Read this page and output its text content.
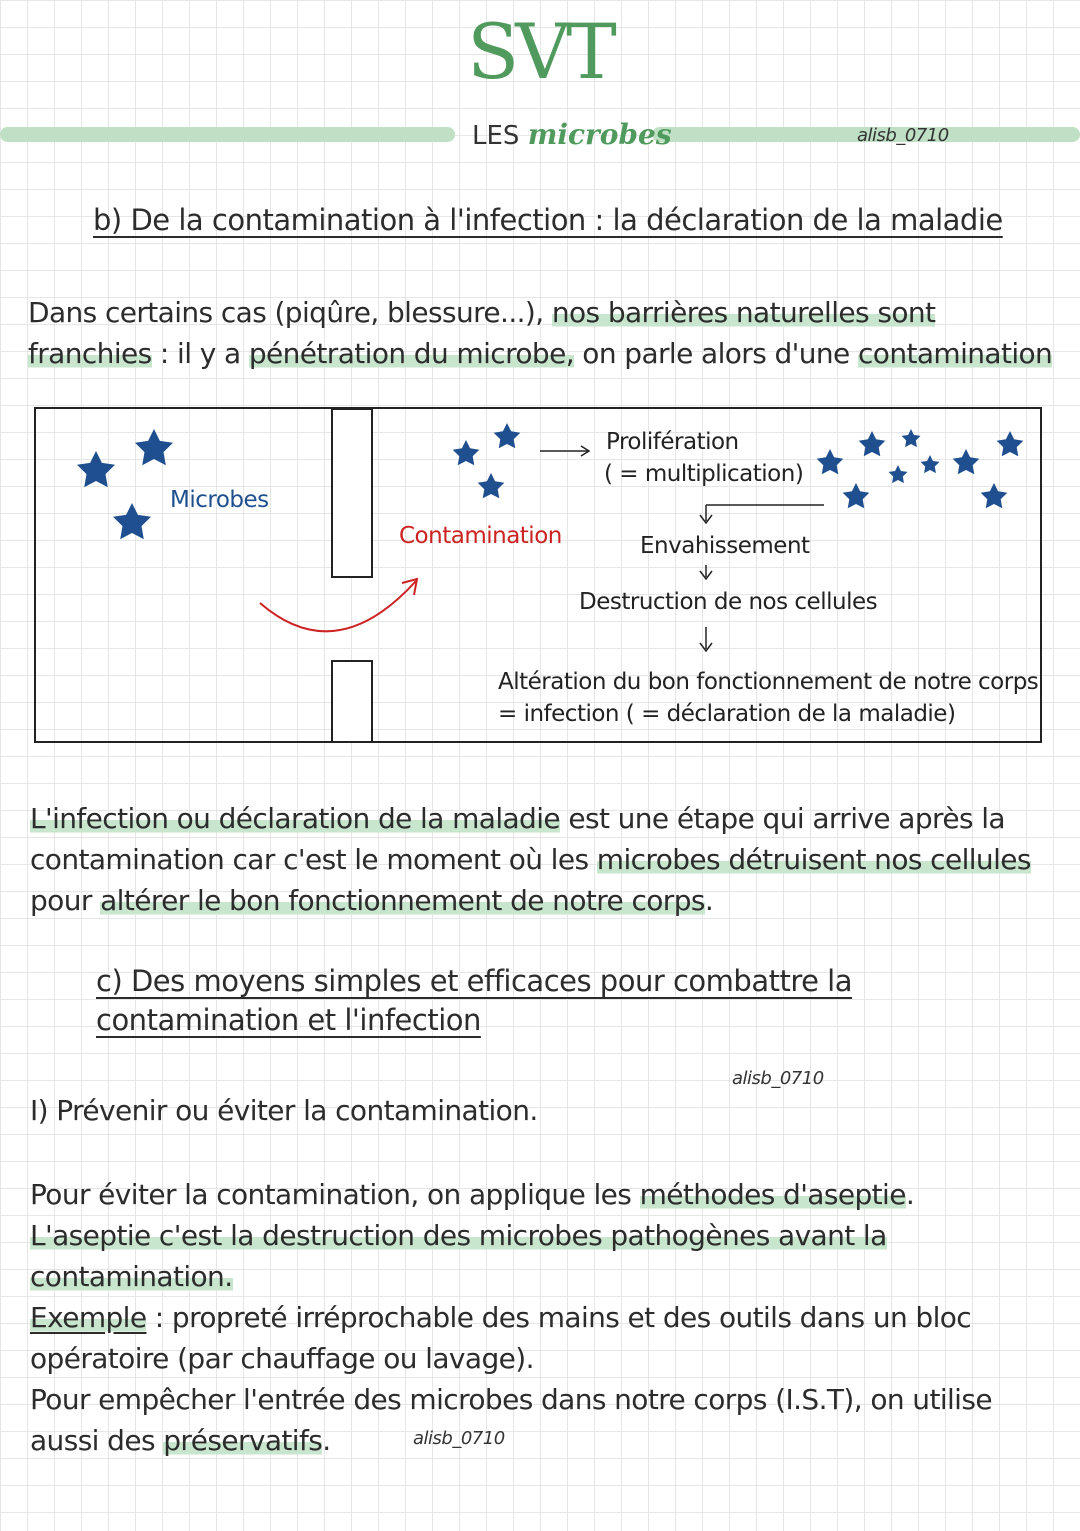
SVT
LES microbes	alisb_0710
b) De la contamination à l'infection : la déclaration de la maladie
Dans certains cas (piqûre, blessure...), nos barrières naturelles sont franchies : il y a pénétration du microbe, on parle alors d'une contamination
Microbes
Contamination
Prolifération
( = multiplication)
Envahissement
Destruction de nos cellules
Altération du bon fonctionnement de notre corps
= infection ( = déclaration de la maladie)
L'infection ou déclaration de la maladie est une étape qui arrive après la contamination car c'est le moment où les microbes détruisent nos cellules pour altérer le bon fonctionnement de notre corps.
c) Des moyens simples et efficaces pour combattre la contamination et l'infection
alisb_0710
I) Prévenir ou éviter la contamination.
Pour éviter la contamination, on applique les méthodes d'aseptie.
L'aseptie c'est la destruction des microbes pathogènes avant la contamination.
Exemple : propreté irréprochable des mains et des outils dans un bloc opératoire (par chauffage ou lavage).
Pour empêcher l'entrée des microbes dans notre corps (I.S.T), on utilise aussi des préservatifs.	alisb_0710
